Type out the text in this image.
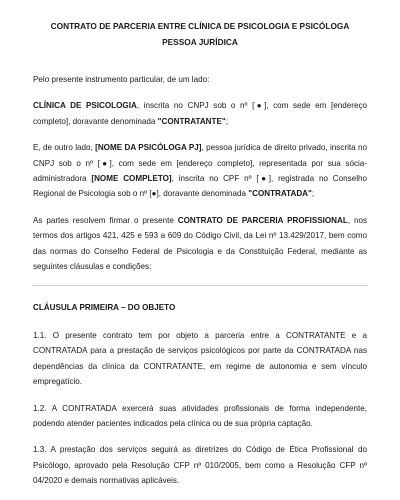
CONTRATO DE PARCERIA ENTRE CLÍNICA DE PSICOLOGIA E PSICÓLOGA
PESSOA JURÍDICA

Pelo presente instrumento particular, de um lado:

CLÍNICA DE PSICOLOGIA, inscrita no CNPJ sob o nº [●], com sede em [endereço completo], doravante denominada "CONTRATANTE";

E, de outro lado, [NOME DA PSICÓLOGA PJ], pessoa jurídica de direito privado, inscrita no CNPJ sob o nº [●], com sede em [endereço completo], representada por sua sócia-administradora [NOME COMPLETO], inscrita no CPF nº [●], registrada no Conselho Regional de Psicologia sob o nº [●], doravante denominada "CONTRATADA";

As partes resolvem firmar o presente CONTRATO DE PARCERIA PROFISSIONAL, nos termos dos artigos 421, 425 e 593 a 609 do Código Civil, da Lei nº 13.429/2017, bem como das normas do Conselho Federal de Psicologia e da Constituição Federal, mediante as seguintes cláusulas e condições:

CLÁUSULA PRIMEIRA – DO OBJETO

1.1. O presente contrato tem por objeto a parceria entre a CONTRATANTE e a CONTRATADA para a prestação de serviços psicológicos por parte da CONTRATADA nas dependências da clínica da CONTRATANTE, em regime de autonomia e sem vínculo empregatício.

1.2. A CONTRATADA exercerá suas atividades profissionais de forma independente, podendo atender pacientes indicados pela clínica ou de sua própria captação.

1.3. A prestação dos serviços seguirá as diretrizes do Código de Ética Profissional do Psicólogo, aprovado pela Resolução CFP nº 010/2005, bem como a Resolução CFP nº 04/2020 e demais normativas aplicáveis.
